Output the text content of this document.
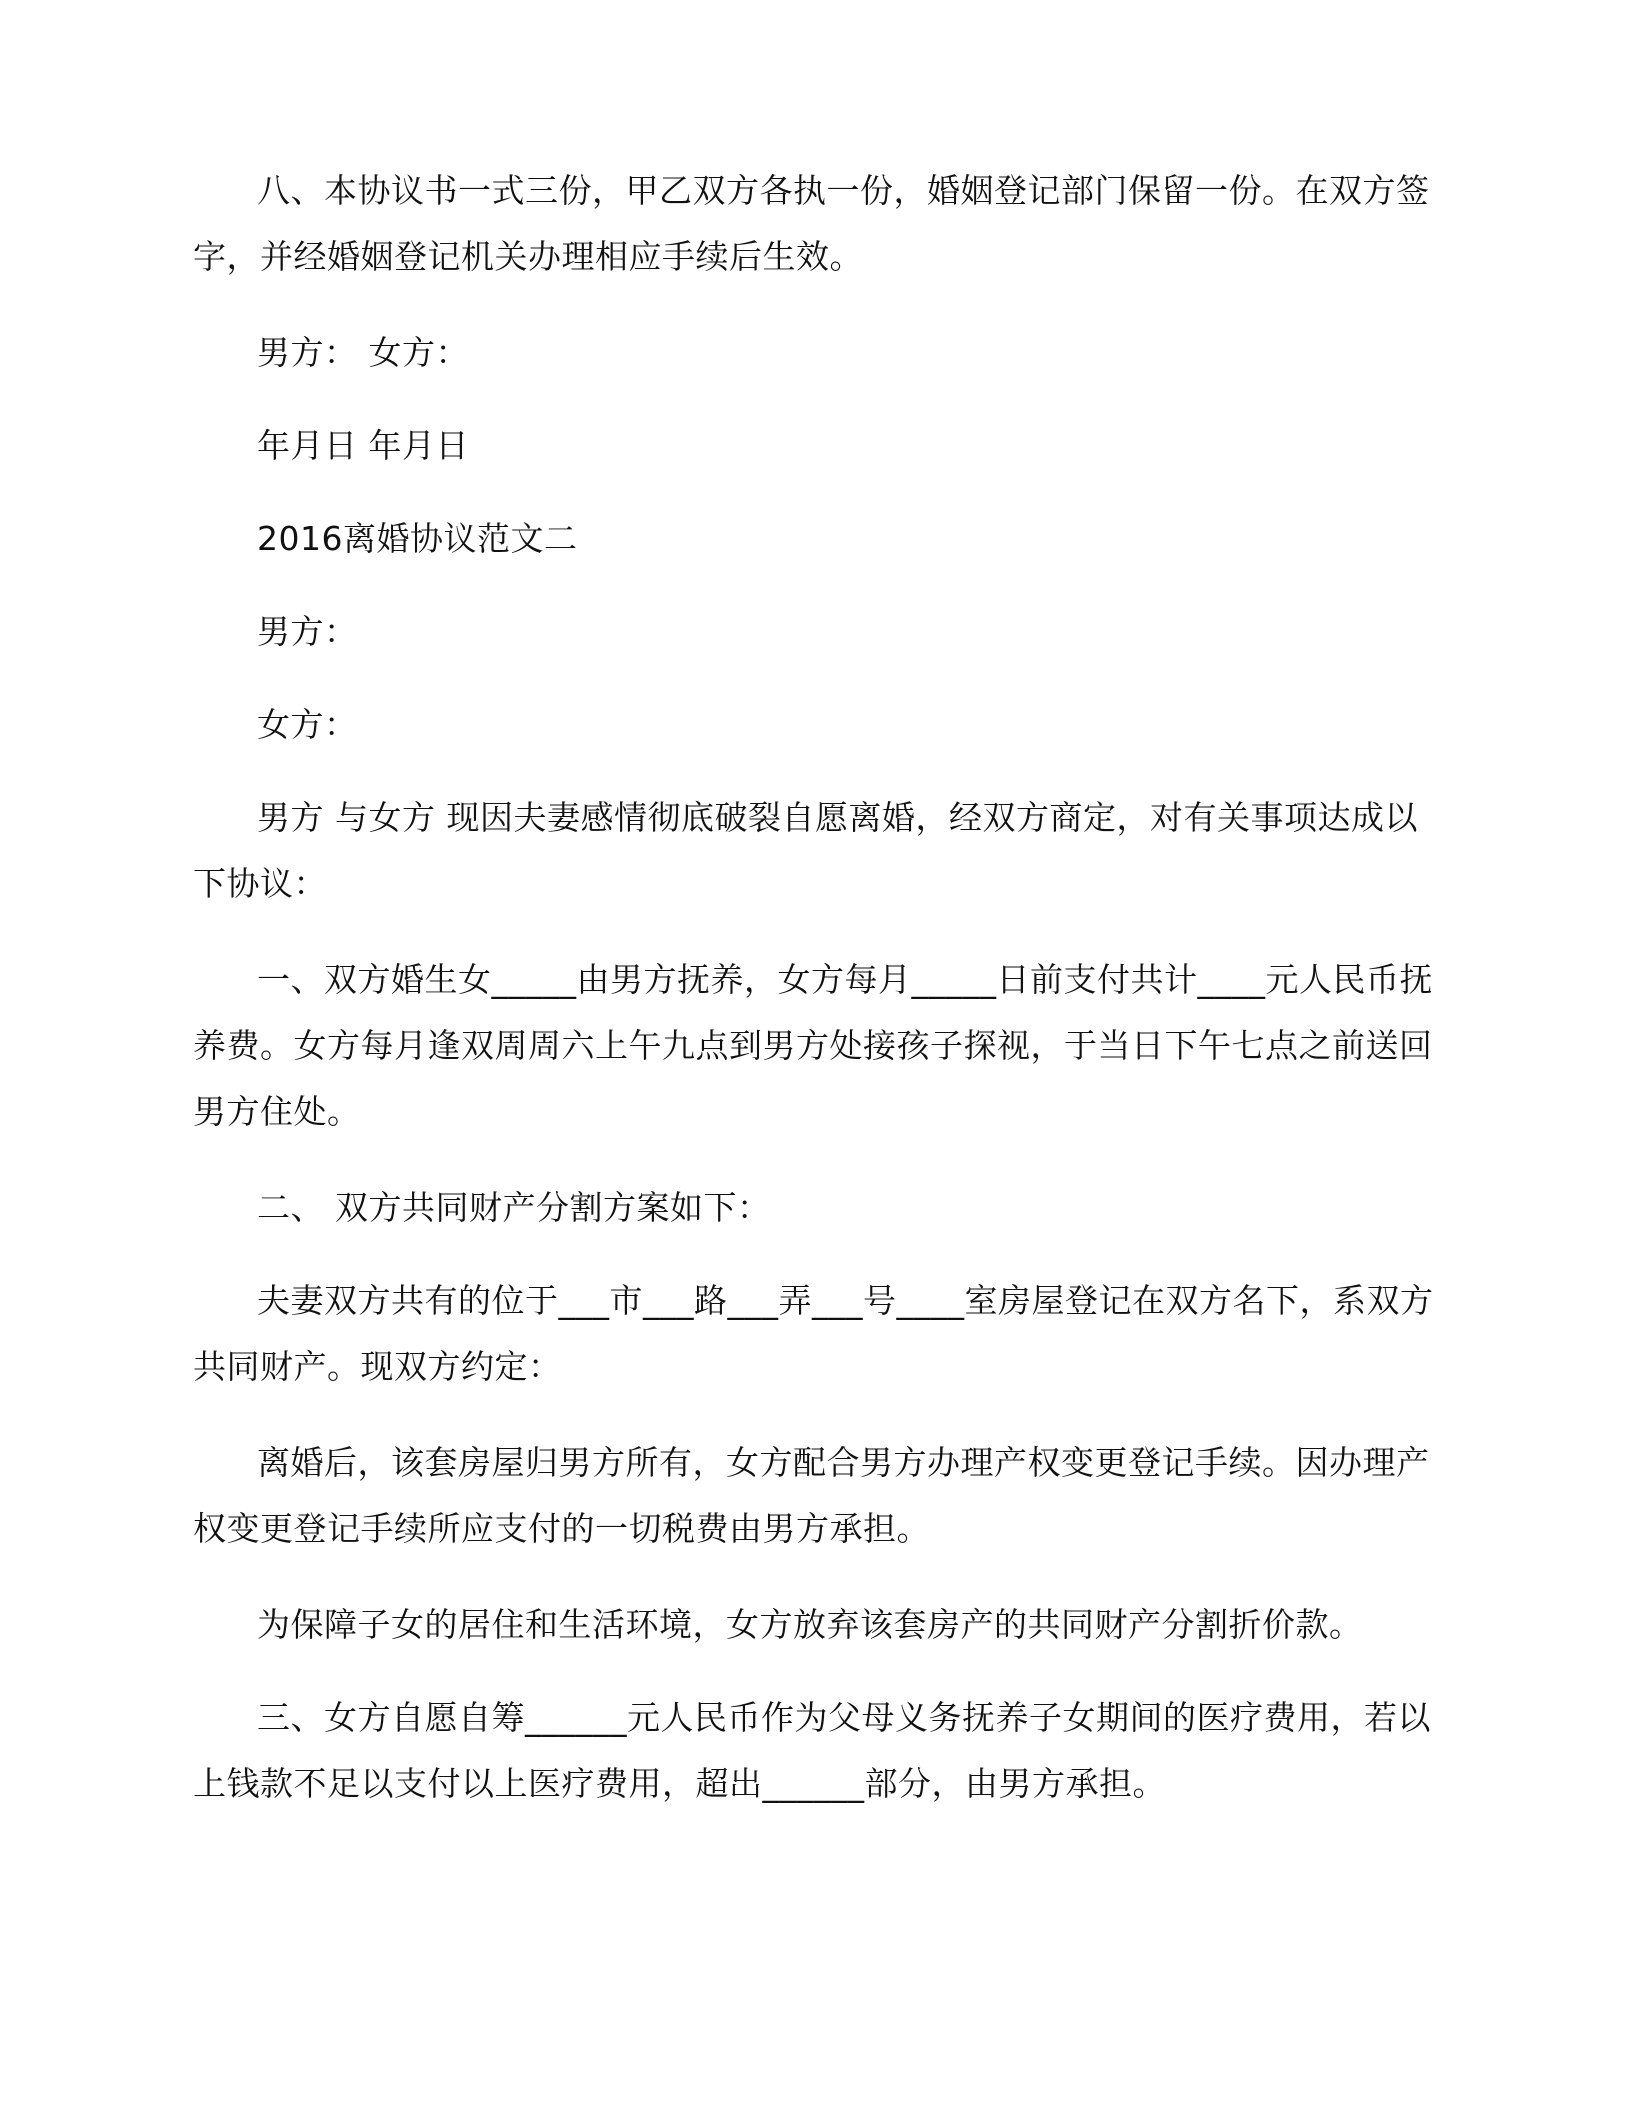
八、本协议书一式三份，甲乙双方各执一份，婚姻登记部门保留一份。在双方签字，并经婚姻登记机关办理相应手续后生效。

男方： 女方：

年月日 年月日

2016离婚协议范文二

男方：

女方：

男方 与女方 现因夫妻感情彻底破裂自愿离婚，经双方商定，对有关事项达成以下协议：

一、双方婚生女_____由男方抚养，女方每月_____日前支付共计____元人民币抚养费。女方每月逢双周周六上午九点到男方处接孩子探视，于当日下午七点之前送回男方住处。

二、 双方共同财产分割方案如下：

夫妻双方共有的位于___市___路___弄___号____室房屋登记在双方名下，系双方共同财产。现双方约定：

离婚后，该套房屋归男方所有，女方配合男方办理产权变更登记手续。因办理产权变更登记手续所应支付的一切税费由男方承担。

为保障子女的居住和生活环境，女方放弃该套房产的共同财产分割折价款。

三、女方自愿自筹______元人民币作为父母义务抚养子女期间的医疗费用，若以上钱款不足以支付以上医疗费用，超出______部分，由男方承担。
